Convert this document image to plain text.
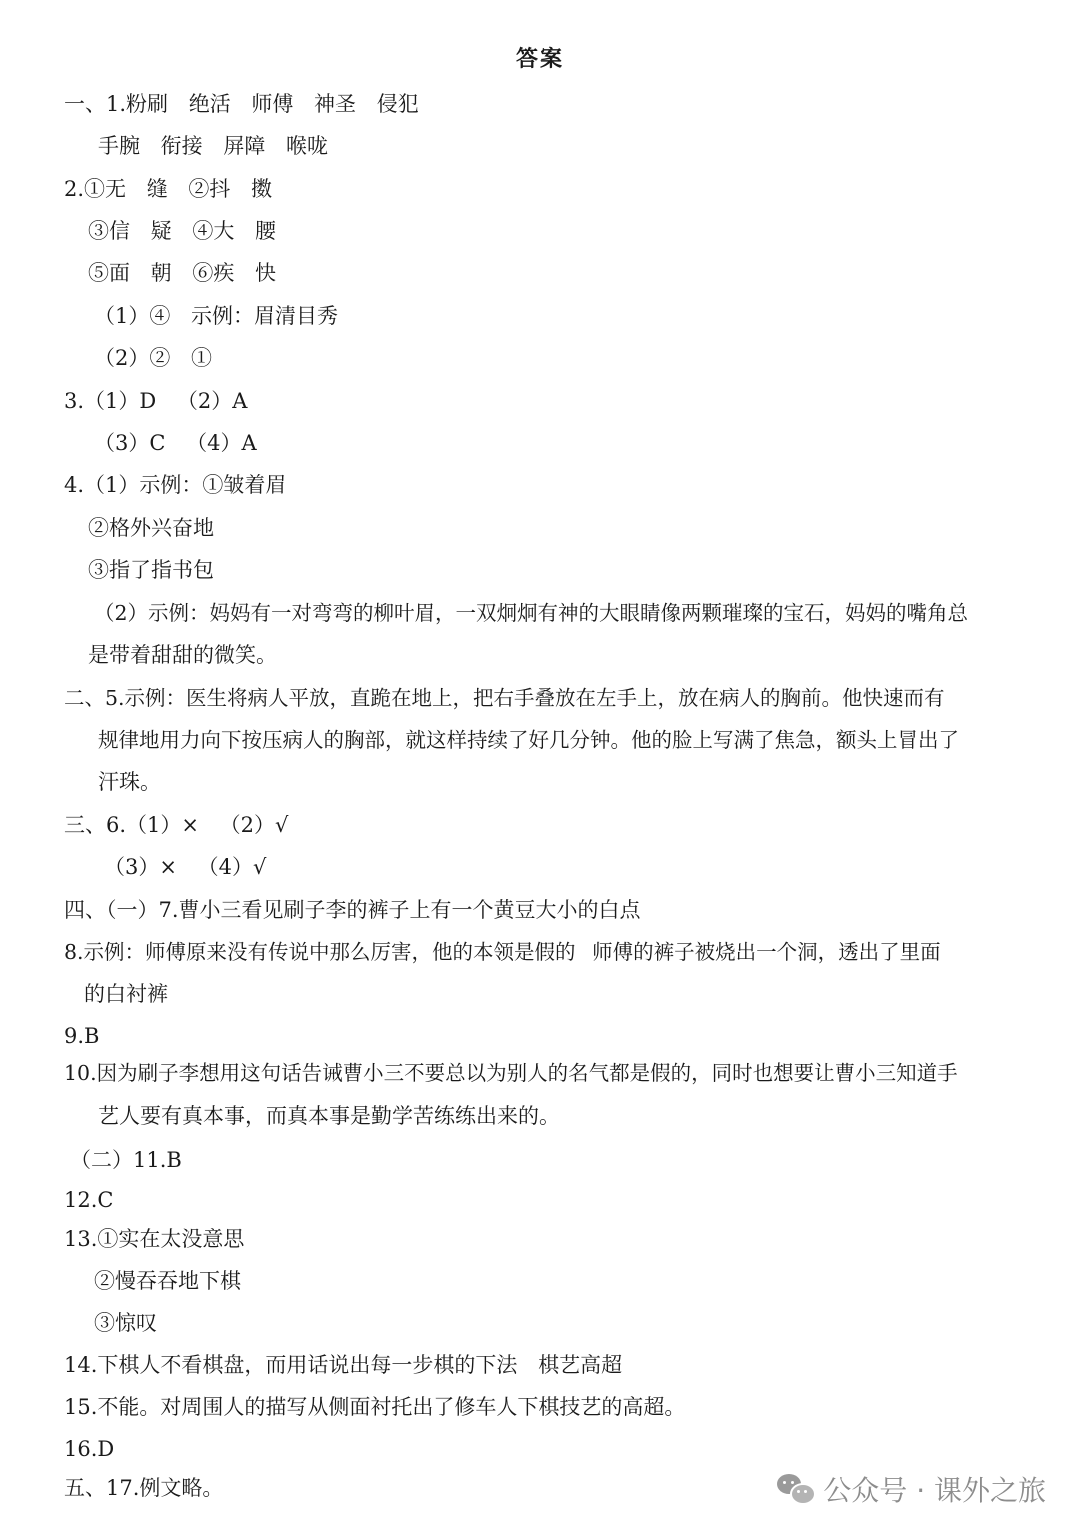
答案
一、1.粉刷 绝活 师傅 神圣 侵犯
手腕 衔接 屏障 喉咙
2.①无 缝 ②抖 擞
③信 疑 ④大 腰
⑤面 朝 ⑥疾 快
（1）④ 示例：眉清目秀
（2）② ①
3.（1）D （2）A
（3）C （4）A
4.（1）示例：①皱着眉
②格外兴奋地
③指了指书包
（2）示例：妈妈有一对弯弯的柳叶眉，一双炯炯有神的大眼睛像两颗璀璨的宝石，妈妈的嘴角总
是带着甜甜的微笑。
二、5.示例：医生将病人平放，直跪在地上，把右手叠放在左手上，放在病人的胸前。他快速而有
规律地用力向下按压病人的胸部，就这样持续了好几分钟。他的脸上写满了焦急，额头上冒出了
汗珠。
三、6.（1）× （2）√
（3）× （4）√
四、（一）7.曹小三看见刷子李的裤子上有一个黄豆大小的白点
8.示例：师傅原来没有传说中那么厉害，他的本领是假的 师傅的裤子被烧出一个洞，透出了里面
的白衬裤
9.B
10.因为刷子李想用这句话告诫曹小三不要总以为别人的名气都是假的，同时也想要让曹小三知道手
艺人要有真本事，而真本事是勤学苦练练出来的。
（二）11.B
12.C
13.①实在太没意思
②慢吞吞地下棋
③惊叹
14.下棋人不看棋盘，而用话说出每一步棋的下法 棋艺高超
15.不能。对周围人的描写从侧面衬托出了修车人下棋技艺的高超。
16.D
五、17.例文略。	公众号 · 课外之旅
